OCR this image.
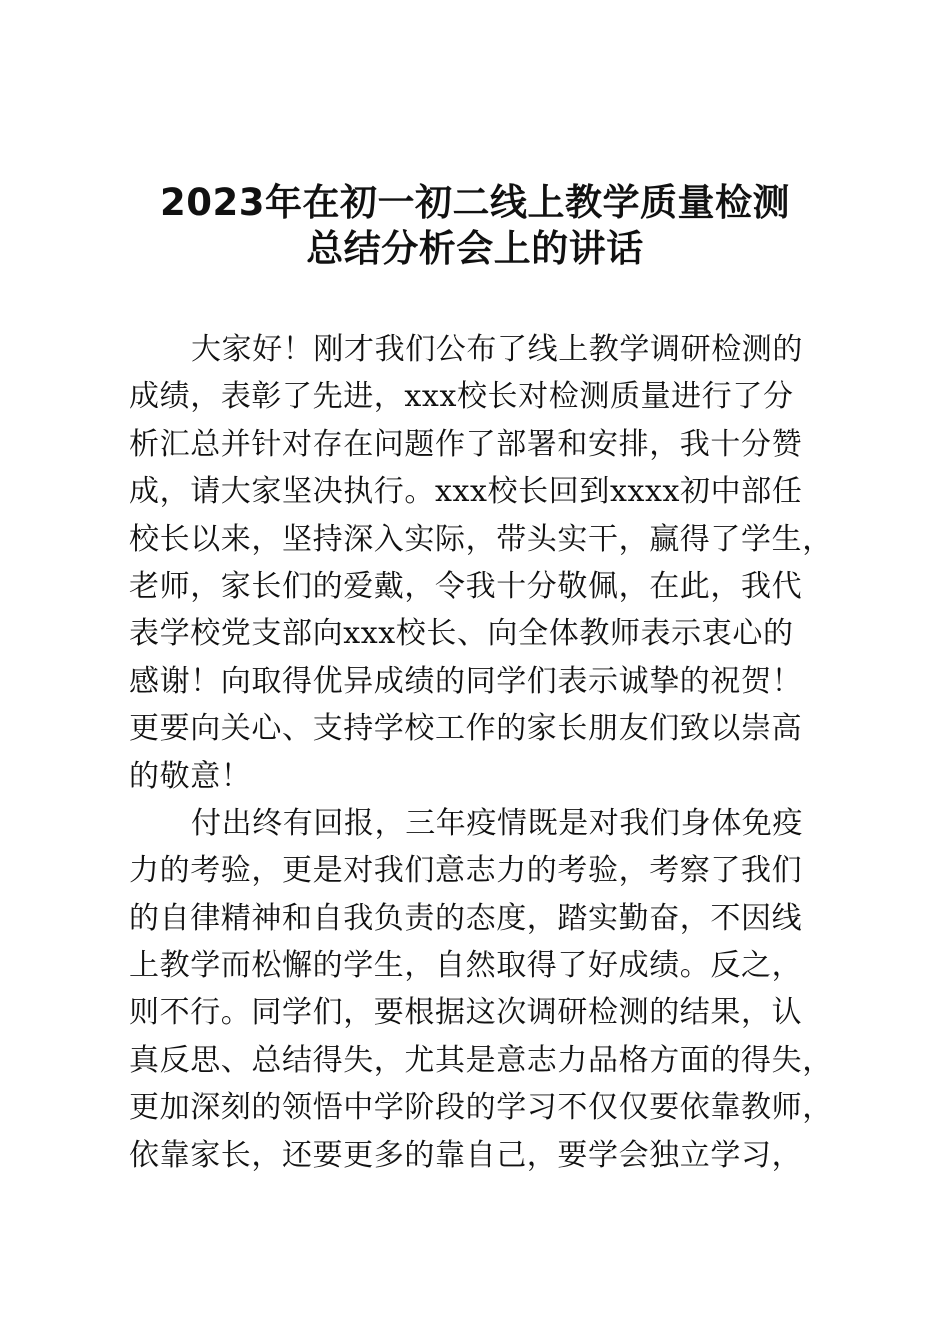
2023年在初一初二线上教学质量检测
总结分析会上的讲话
大家好！刚才我们公布了线上教学调研检测的
成绩，表彰了先进，xxx校长对检测质量进行了分
析汇总并针对存在问题作了部署和安排，我十分赞
成，请大家坚决执行。xxx校长回到xxxx初中部任
校长以来，坚持深入实际，带头实干，赢得了学生，
老师，家长们的爱戴，令我十分敬佩，在此，我代
表学校党支部向xxx校长、向全体教师表示衷心的
感谢！向取得优异成绩的同学们表示诚挚的祝贺！
更要向关心、支持学校工作的家长朋友们致以崇高
的敬意！
付出终有回报，三年疫情既是对我们身体免疫
力的考验，更是对我们意志力的考验，考察了我们
的自律精神和自我负责的态度，踏实勤奋，不因线
上教学而松懈的学生，自然取得了好成绩。反之，
则不行。同学们，要根据这次调研检测的结果，认
真反思、总结得失，尤其是意志力品格方面的得失，
更加深刻的领悟中学阶段的学习不仅仅要依靠教师，
依靠家长，还要更多的靠自己，要学会独立学习，
